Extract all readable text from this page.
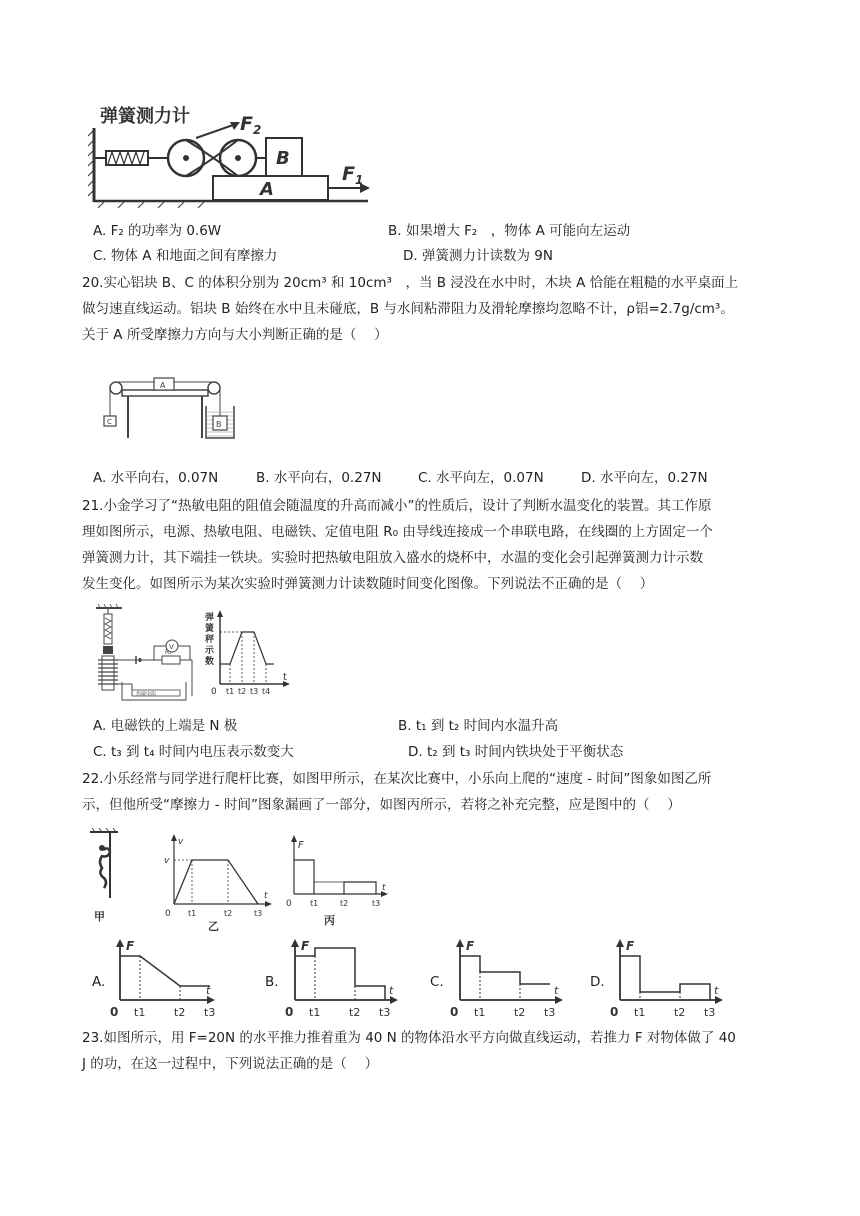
弹簧测力计	$F_2$
B
A
$F_1$
A. F₂ 的功率为 0.6W	B. 如果增大 F₂　，物体 A 可能向左运动
C. 物体 A 和地面之间有摩擦力	D. 弹簧测力计读数为 9N
20.实心铝块 B、C 的体积分别为 20cm³ 和 10cm³　，当 B 浸没在水中时，木块 A 恰能在粗糙的水平桌面上
做匀速直线运动。铝块 B 始终在水中且未碰底，B 与水间粘滞阻力及滑轮摩擦均忽略不计，ρ铝=2.7g/cm³。
关于 A 所受摩擦力方向与大小判断正确的是（　 ）
A
C	B
A. 水平向右，0.07N	B. 水平向右，0.27N	C. 水平向左，0.07N	D. 水平向左，0.27N
21.小金学习了“热敏电阻的阻值会随温度的升高而减小”的性质后，设计了判断水温变化的装置。其工作原
理如图所示，电源、热敏电阻、电磁铁、定值电阻 R₀ 由导线连接成一个串联电路，在线圈的上方固定一个
弹簧测力计，其下端挂一铁块。实验时把热敏电阻放入盛水的烧杯中，水温的变化会引起弹簧测力计示数
发生变化。如图所示为某次实验时弹簧测力计读数随时间变化图像。下列说法不正确的是（　 ）
V
R₁
热敏电阻
弹簧秤示数
t
0 t1 t2 t3 t4
A. 电磁铁的上端是 N 极	B. t₁ 到 t₂ 时间内水温升高
C. t₃ 到 t₄ 时间内电压表示数变大	D. t₂ 到 t₃ 时间内铁块处于平衡状态
22.小乐经常与同学进行爬杆比赛，如图甲所示，在某次比赛中，小乐向上爬的“速度 - 时间”图象如图乙所
示，但他所受“摩擦力 - 时间”图象漏画了一部分，如图丙所示，若将之补充完整，应是图中的（　 ）
甲
v
v
t
0 t1	t2	t3
乙
F
t
0 t1	t2	t3
丙
A.
F
t
0 t1	t2 t3
B.
F
t
0 t1	t2 t3
C.
F
t
0 t1	t2 t3
D.
F
t
0 t1	t2 t3
23.如图所示，用 F=20N 的水平推力推着重为 40 N 的物体沿水平方向做直线运动，若推力 F 对物体做了 40
J 的功，在这一过程中，下列说法正确的是（　 ）
